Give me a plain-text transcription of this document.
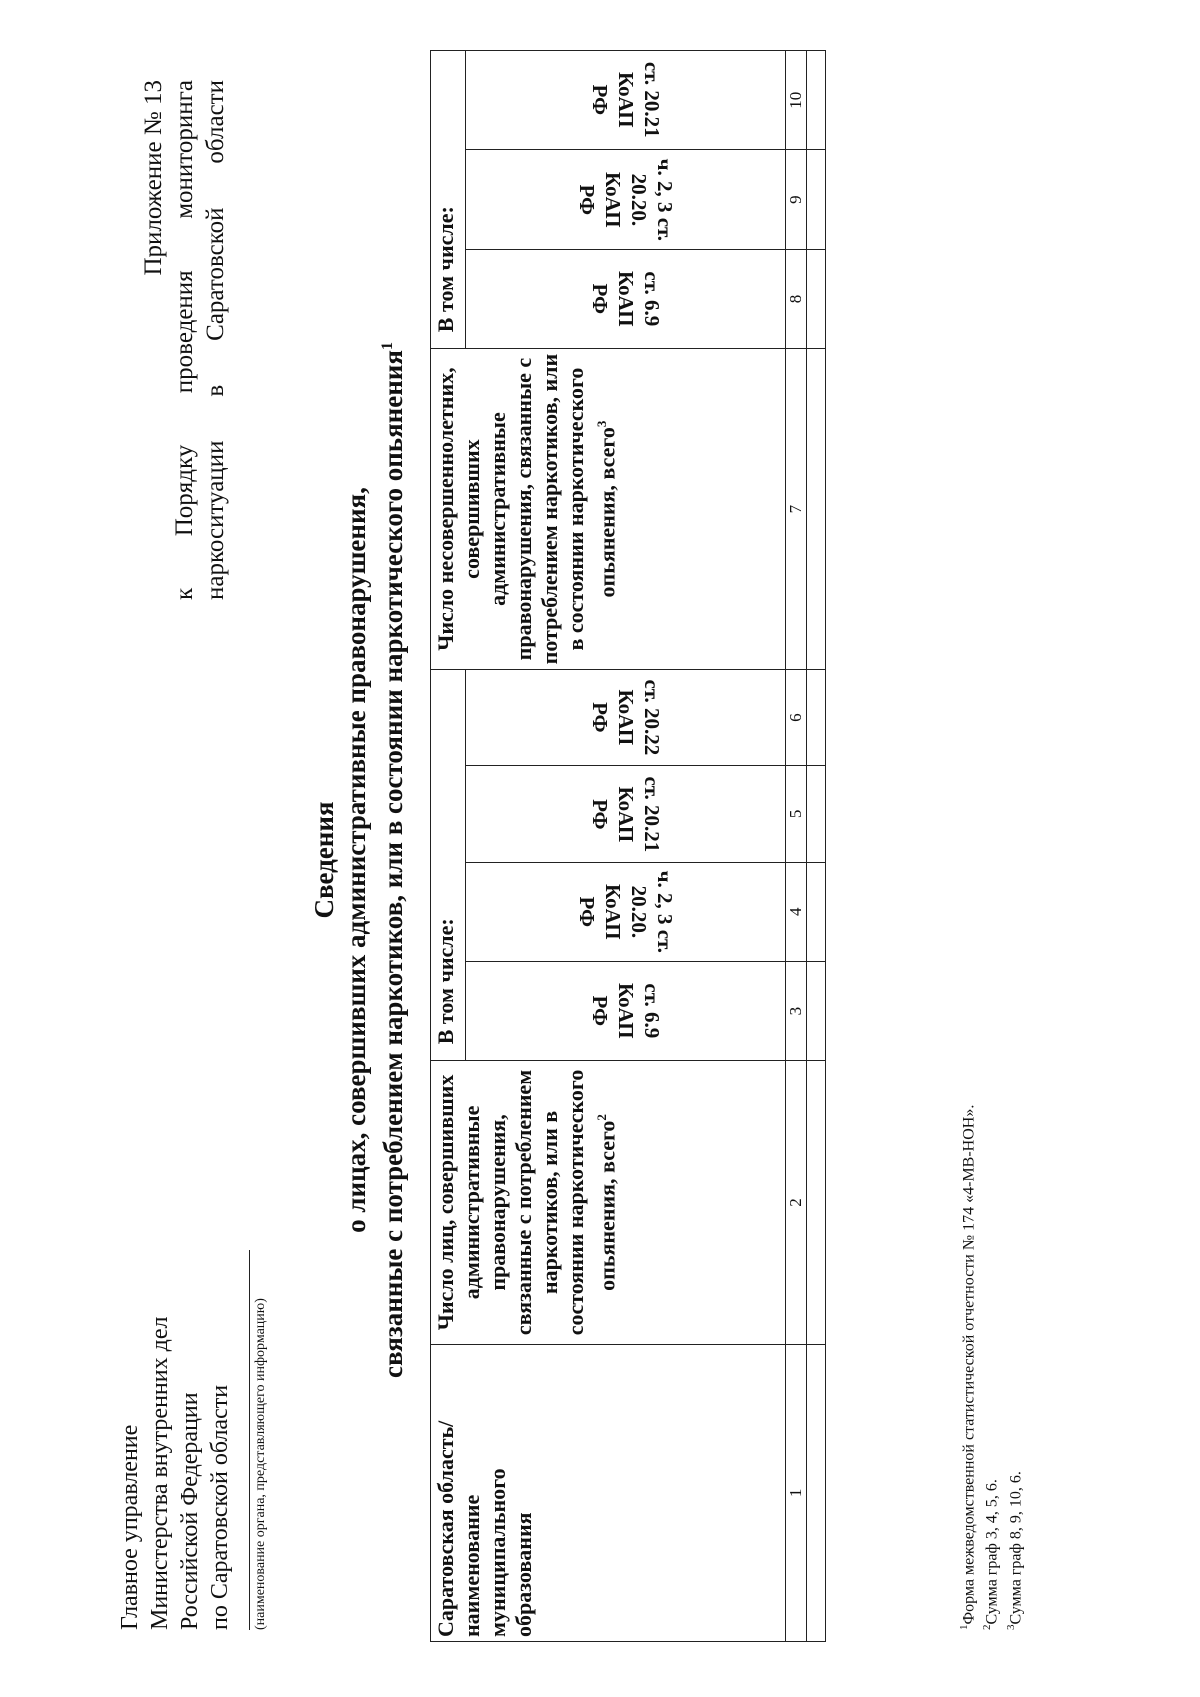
Приложение № 13 к Порядку проведения мониторинга наркоситуации в Саратовской области
Главное управление Министерства внутренних дел Российской Федерации по Саратовской области (наименование органа, представляющего информацию)
Сведения о лицах, совершивших административные правонарушения, связанные с потреблением наркотиков, или в состоянии наркотического опьянения$^1$
Саратовская область/ наименование муниципального образования	Число лиц, совершивших административные правонарушения, связанные с потреблением наркотиков, или в состоянии наркотического опьянения, всего$^2$	В том числе:				Число несовершеннолетних, совершивших административные правонарушения, связанные с потреблением наркотиков, или в состоянии наркотического опьянения, всего$^3$	В том числе:		
		ст. 6.9 КоАП РФ	ч. 2, 3 ст. 20.20. КоАП РФ	ст. 20.21 КоАП РФ	ст. 20.22 КоАП РФ		ст. 6.9 КоАП РФ	ч. 2, 3 ст. 20.20. КоАП РФ	ст. 20.21 КоАП РФ
1	2	3	4	5	6	7	8	9	10

$^1$Форма межведомственной статистической отчетности № 174 «4-МВ-НОН».
$^2$Сумма граф 3, 4, 5, 6.
$^3$Сумма граф 8, 9, 10, 6.
